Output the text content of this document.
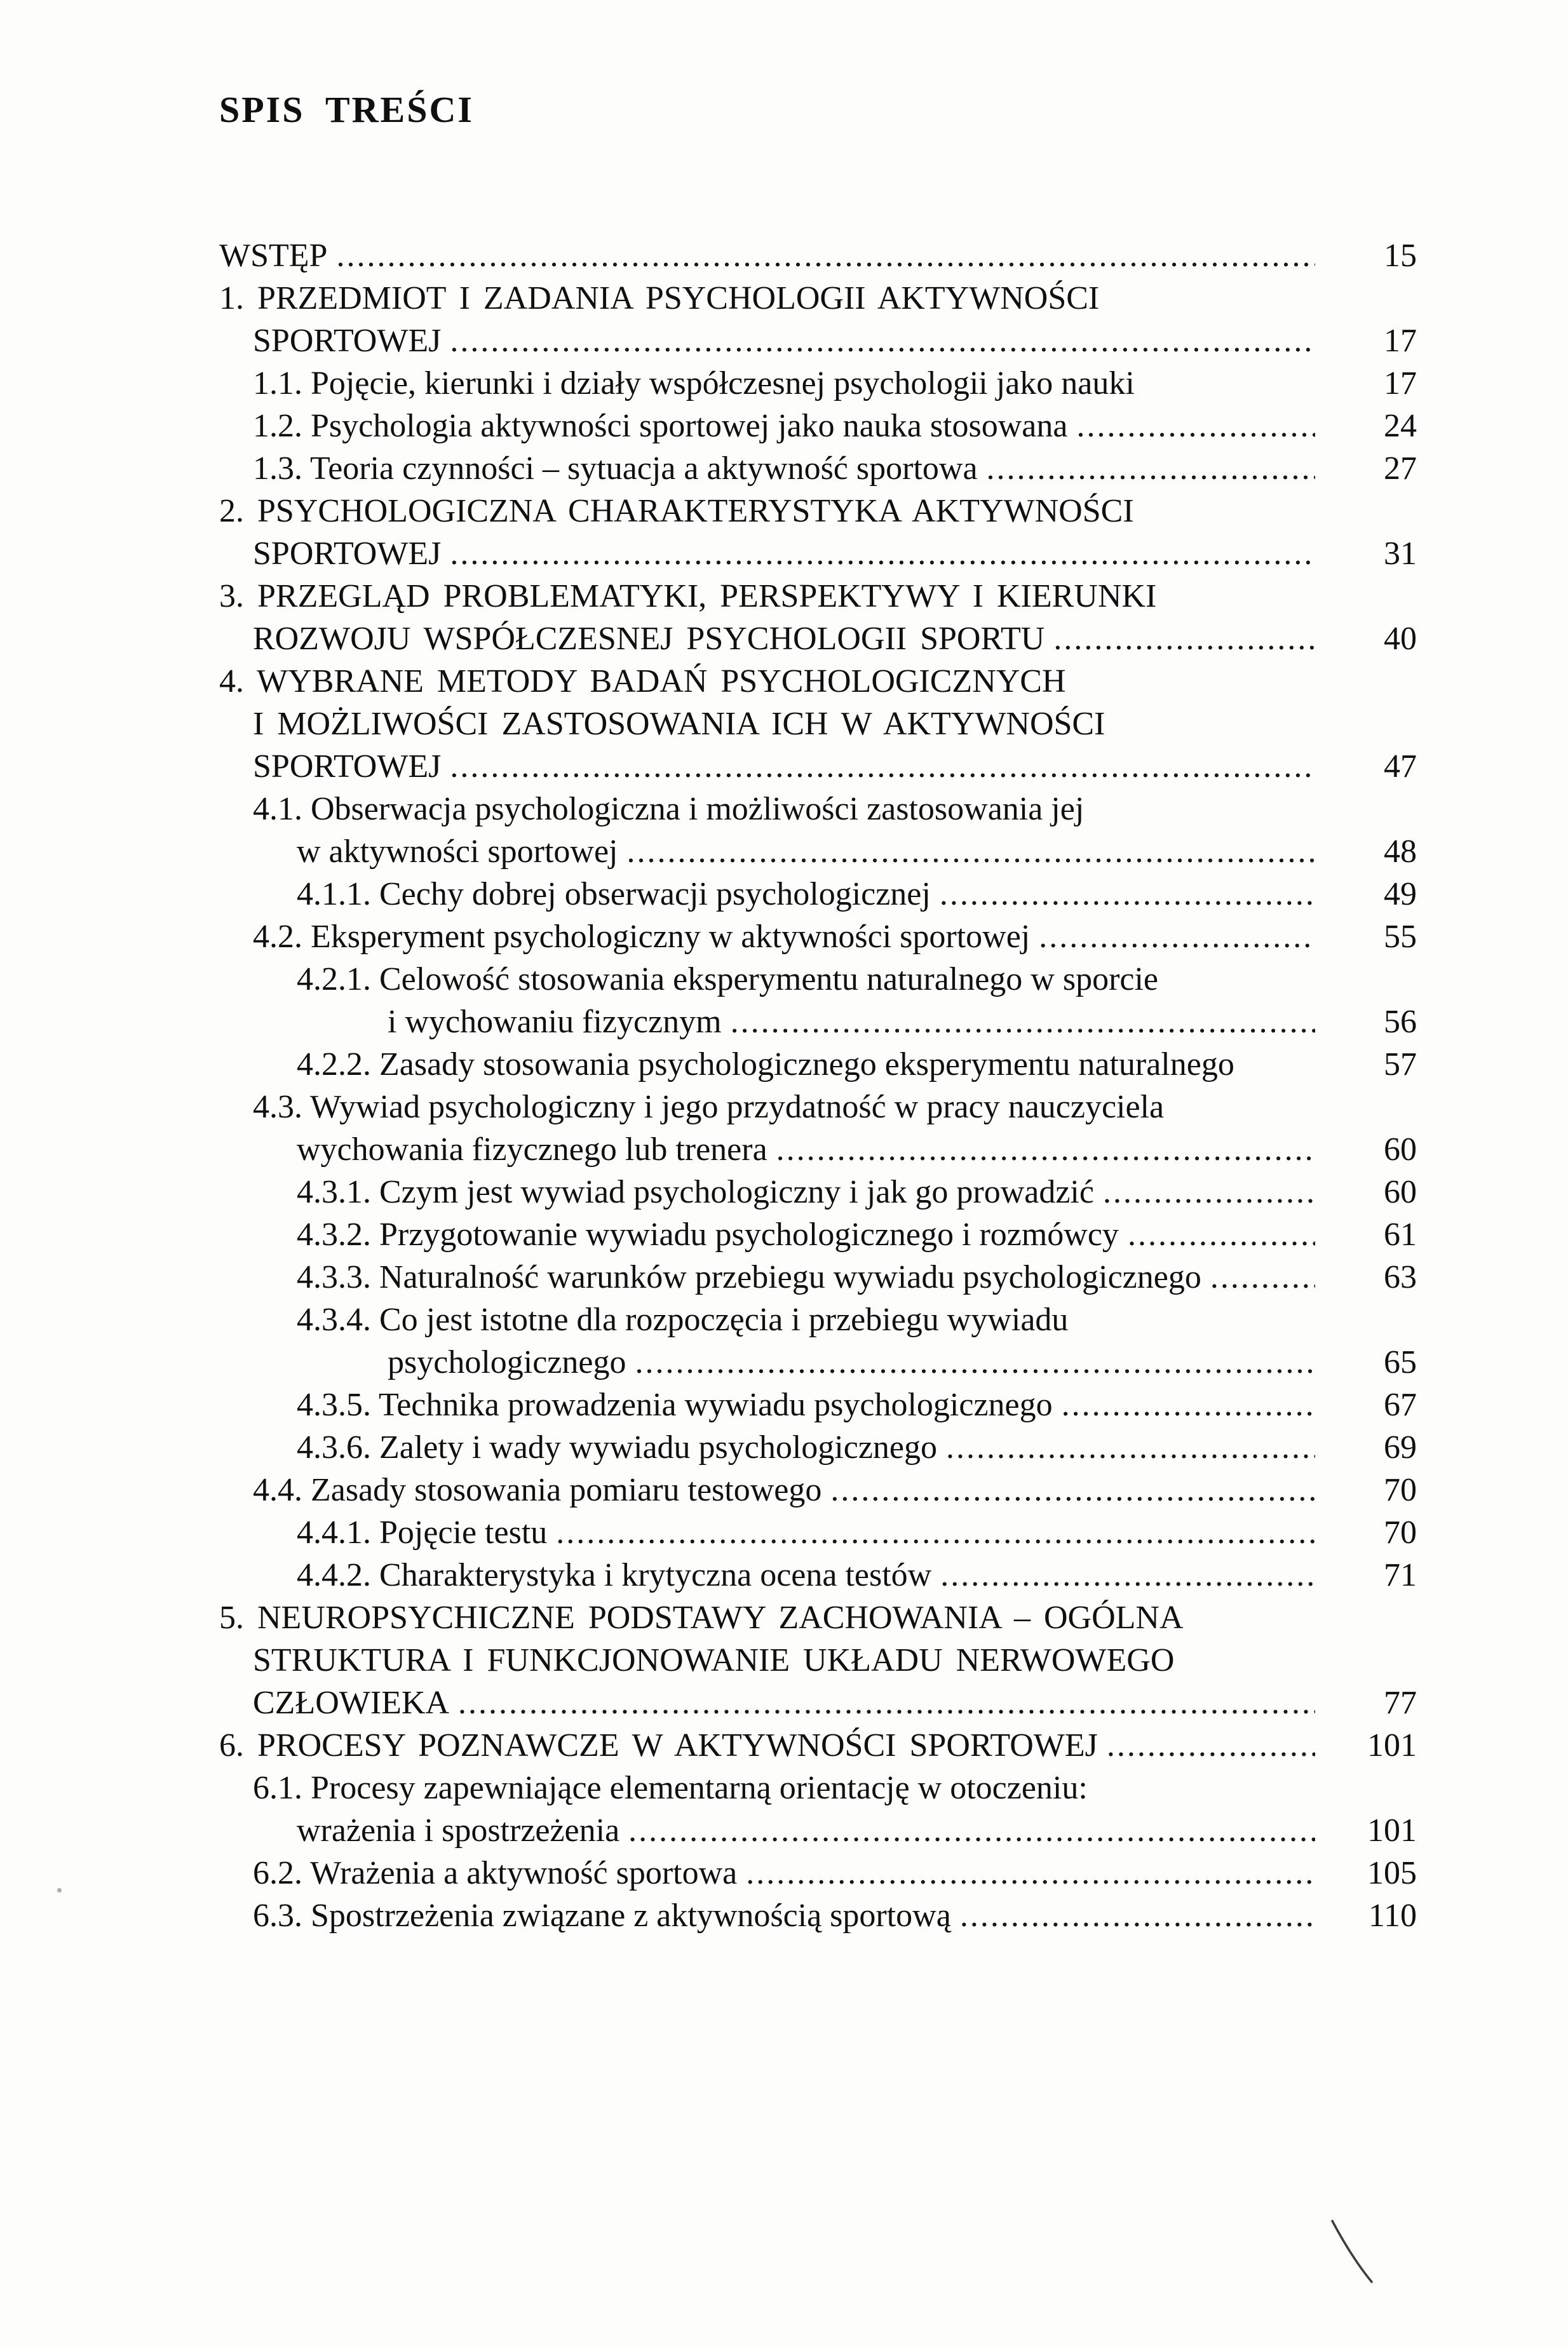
SPIS TREŚCI
WSTĘP .....	15
1. PRZEDMIOT I ZADANIA PSYCHOLOGII AKTYWNOŚCI
SPORTOWEJ .....	17
1.1. Pojęcie, kierunki i działy współczesnej psychologii jako nauki	17
1.2. Psychologia aktywności sportowej jako nauka stosowana .....	24
1.3. Teoria czynności – sytuacja a aktywność sportowa .....	27
2. PSYCHOLOGICZNA CHARAKTERYSTYKA AKTYWNOŚCI
SPORTOWEJ .....	31
3. PRZEGLĄD PROBLEMATYKI, PERSPEKTYWY I KIERUNKI
ROZWOJU WSPÓŁCZESNEJ PSYCHOLOGII SPORTU .....	40
4. WYBRANE METODY BADAŃ PSYCHOLOGICZNYCH
I MOŻLIWOŚCI ZASTOSOWANIA ICH W AKTYWNOŚCI
SPORTOWEJ .....	47
4.1. Obserwacja psychologiczna i możliwości zastosowania jej
w aktywności sportowej .....	48
4.1.1. Cechy dobrej obserwacji psychologicznej .....	49
4.2. Eksperyment psychologiczny w aktywności sportowej .....	55
4.2.1. Celowość stosowania eksperymentu naturalnego w sporcie
i wychowaniu fizycznym .....	56
4.2.2. Zasady stosowania psychologicznego eksperymentu naturalnego	57
4.3. Wywiad psychologiczny i jego przydatność w pracy nauczyciela
wychowania fizycznego lub trenera .....	60
4.3.1. Czym jest wywiad psychologiczny i jak go prowadzić .....	60
4.3.2. Przygotowanie wywiadu psychologicznego i rozmówcy .....	61
4.3.3. Naturalność warunków przebiegu wywiadu psychologicznego .....	63
4.3.4. Co jest istotne dla rozpoczęcia i przebiegu wywiadu
psychologicznego .....	65
4.3.5. Technika prowadzenia wywiadu psychologicznego .....	67
4.3.6. Zalety i wady wywiadu psychologicznego .....	69
4.4. Zasady stosowania pomiaru testowego .....	70
4.4.1. Pojęcie testu .....	70
4.4.2. Charakterystyka i krytyczna ocena testów .....	71
5. NEUROPSYCHICZNE PODSTAWY ZACHOWANIA – OGÓLNA
STRUKTURA I FUNKCJONOWANIE UKŁADU NERWOWEGO
CZŁOWIEKA .....	77
6. PROCESY POZNAWCZE W AKTYWNOŚCI SPORTOWEJ .....	101
6.1. Procesy zapewniające elementarną orientację w otoczeniu:
wrażenia i spostrzeżenia .....	101
6.2. Wrażenia a aktywność sportowa .....	105
6.3. Spostrzeżenia związane z aktywnością sportową .....	110
